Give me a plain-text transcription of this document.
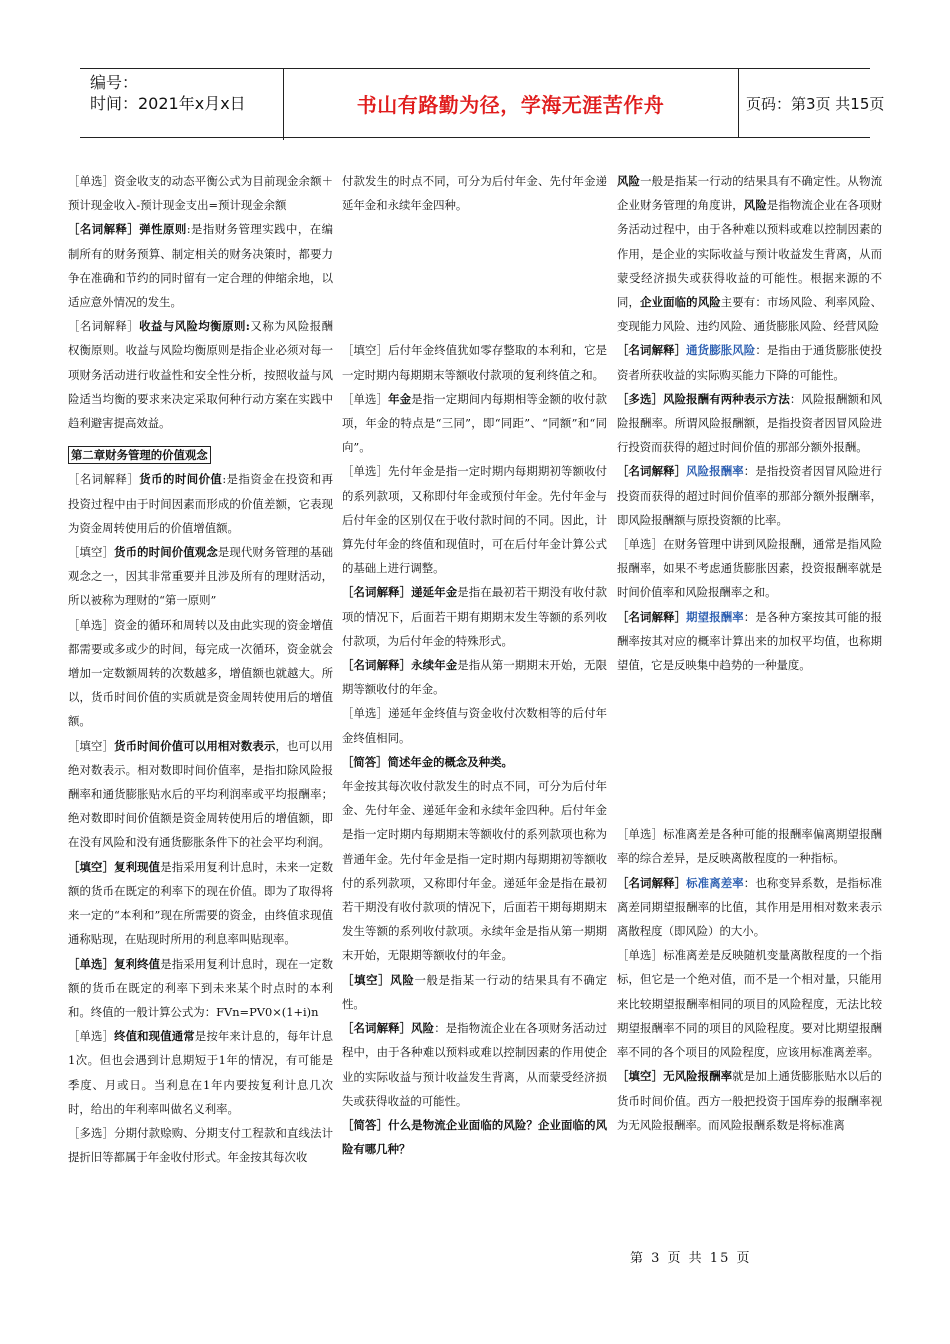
编号：
时间：2021年x月x日	书山有路勤为径，学海无涯苦作舟	页码：第3页 共15页

［单选］资金收支的动态平衡公式为目前现金余额＋预计现金收入-预计现金支出=预计现金余额

［名词解释］弹性原则:是指财务管理实践中，在编制所有的财务预算、制定相关的财务决策时，都要力争在准确和节约的同时留有一定合理的伸缩余地，以适应意外情况的发生。

［名词解释］收益与风险均衡原则:又称为风险报酬权衡原则。收益与风险均衡原则是指企业必须对每一项财务活动进行收益性和安全性分析，按照收益与风险适当均衡的要求来决定采取何种行动方案在实践中趋利避害提高效益。

第二章财务管理的价值观念

［名词解释］货币的时间价值:是指资金在投资和再投资过程中由于时间因素而形成的价值差额，它表现为资金周转使用后的价值增值额。

［填空］货币的时间价值观念是现代财务管理的基础观念之一，因其非常重要并且涉及所有的理财活动，所以被称为理财的“第一原则”

［单选］资金的循环和周转以及由此实现的资金增值都需要或多或少的时间，每完成一次循环，资金就会增加一定数额周转的次数越多，增值额也就越大。所以，货币时间价值的实质就是资金周转使用后的增值额。

［填空］货币时间价值可以用相对数表示，也可以用绝对数表示。相对数即时间价值率，是指扣除风险报酬率和通货膨胀贴水后的平均利润率或平均报酬率；绝对数即时间价值额是资金周转使用后的增值额，即在没有风险和没有通货膨胀条件下的社会平均利润。

［填空］复利现值是指采用复利计息时，未来一定数额的货币在既定的利率下的现在价值。即为了取得将来一定的“本利和”现在所需要的资金，由终值求现值通称贴现，在贴现时所用的利息率叫贴现率。

［单选］复利终值是指采用复利计息时，现在一定数额的货币在既定的利率下到未来某个时点时的本利和。终值的一般计算公式为：FVn=PV0×(1+i)n

［单选］终值和现值通常是按年来计息的，每年计息1次。但也会遇到计息期短于1年的情况，有可能是季度、月或日。当利息在1年内要按复利计息几次时，给出的年利率叫做名义利率。

［多选］分期付款赊购、分期支付工程款和直线法计提折旧等都属于年金收付形式。年金按其每次收

付款发生的时点不同，可分为后付年金、先付年金递延年金和永续年金四种。

［填空］后付年金终值犹如零存整取的本利和，它是一定时期内每期期末等额收付款项的复利终值之和。

［单选］年金是指一定期间内每期相等金额的收付款项，年金的特点是“三同”，即“同距”、“同额”和“同向”。

［单选］先付年金是指一定时期内每期期初等额收付的系列款项，又称即付年金或预付年金。先付年金与后付年金的区别仅在于收付款时间的不同。因此，计算先付年金的终值和现值时，可在后付年金计算公式的基础上进行调整。

［名词解释］递延年金是指在最初若干期没有收付款项的情况下，后面若干期有期期末发生等额的系列收付款项，为后付年金的特殊形式。

［名词解释］永续年金是指从第一期期末开始，无限期等额收付的年金。

［单选］递延年金终值与资金收付次数相等的后付年金终值相同。

［简答］简述年金的概念及种类。

年金按其每次收付款发生的时点不同，可分为后付年金、先付年金、递延年金和永续年金四种。后付年金是指一定时期内每期期末等额收付的系列款项也称为普通年金。先付年金是指一定时期内每期期初等额收付的系列款项，又称即付年金。递延年金是指在最初若干期没有收付款项的情况下，后面若干期每期期末发生等额的系列收付款项。永续年金是指从第一期期末开始，无限期等额收付的年金。

［填空］风险一般是指某一行动的结果具有不确定性。

［名词解释］风险：是指物流企业在各项财务活动过程中，由于各种难以预料或难以控制因素的作用使企业的实际收益与预计收益发生背离，从而蒙受经济损失或获得收益的可能性。

［简答］什么是物流企业面临的风险？企业面临的风险有哪几种？

风险一般是指某一行动的结果具有不确定性。从物流企业财务管理的角度讲，风险是指物流企业在各项财务活动过程中，由于各种难以预料或难以控制因素的作用，是企业的实际收益与预计收益发生背离，从而蒙受经济损失或获得收益的可能性。根据来源的不同，企业面临的风险主要有：市场风险、利率风险、变现能力风险、违约风险、通货膨胀风险、经营风险

［名词解释］通货膨胀风险：是指由于通货膨胀使投资者所获收益的实际购买能力下降的可能性。

［多选］风险报酬有两种表示方法：风险报酬额和风险报酬率。所谓风险报酬额，是指投资者因冒风险进行投资而获得的超过时间价值的那部分额外报酬。

［名词解释］风险报酬率：是指投资者因冒风险进行投资而获得的超过时间价值率的那部分额外报酬率，即风险报酬额与原投资额的比率。

［单选］在财务管理中讲到风险报酬，通常是指风险报酬率，如果不考虑通货膨胀因素，投资报酬率就是时间价值率和风险报酬率之和。

［名词解释］期望报酬率：是各种方案按其可能的报酬率按其对应的概率计算出来的加权平均值，也称期望值，它是反映集中趋势的一种量度。

［单选］标准离差是各种可能的报酬率偏离期望报酬率的综合差异，是反映离散程度的一种指标。

［名词解释］标准离差率：也称变异系数，是指标准离差同期望报酬率的比值，其作用是用相对数来表示离散程度（即风险）的大小。

［单选］标准离差是反映随机变量离散程度的一个指标，但它是一个绝对值，而不是一个相对量，只能用来比较期望报酬率相同的项目的风险程度，无法比较期望报酬率不同的项目的风险程度。要对比期望报酬率不同的各个项目的风险程度，应该用标准离差率。

［填空］无风险报酬率就是加上通货膨胀贴水以后的货币时间价值。西方一般把投资于国库券的报酬率视为无风险报酬率。而风险报酬系数是将标准离

第 3 页 共 15 页
